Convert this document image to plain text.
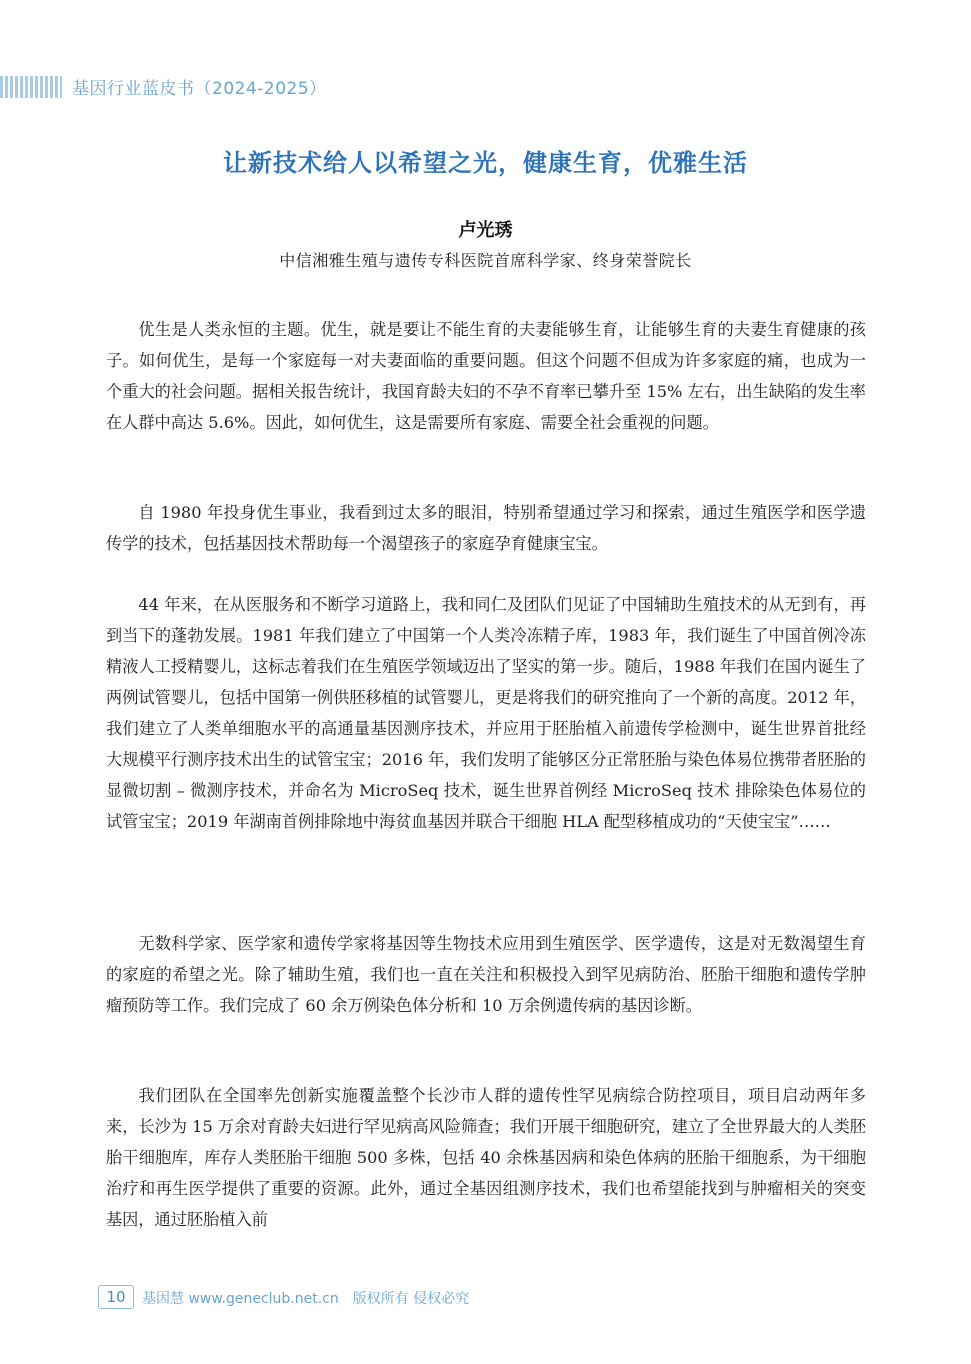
基因行业蓝皮书（2024-2025）
让新技术给人以希望之光，健康生育，优雅生活
卢光琇
中信湘雅生殖与遗传专科医院首席科学家、终身荣誉院长

优生是人类永恒的主题。优生，就是要让不能生育的夫妻能够生育，让能够生育的夫妻生育健康的孩子。如何优生，是每一个家庭每一对夫妻面临的重要问题。但这个问题不但成为许多家庭的痛，也成为一个重大的社会问题。据相关报告统计，我国育龄夫妇的不孕不育率已攀升至 15% 左右，出生缺陷的发生率在人群中高达 5.6%。因此，如何优生，这是需要所有家庭、需要全社会重视的问题。

自 1980 年投身优生事业，我看到过太多的眼泪，特别希望通过学习和探索，通过生殖医学和医学遗传学的技术，包括基因技术帮助每一个渴望孩子的家庭孕育健康宝宝。

44 年来，在从医服务和不断学习道路上，我和同仁及团队们见证了中国辅助生殖技术的从无到有，再到当下的蓬勃发展。1981 年我们建立了中国第一个人类冷冻精子库，1983 年，我们诞生了中国首例冷冻精液人工授精婴儿，这标志着我们在生殖医学领域迈出了坚实的第一步。随后，1988 年我们在国内诞生了两例试管婴儿，包括中国第一例供胚移植的试管婴儿，更是将我们的研究推向了一个新的高度。2012 年，我们建立了人类单细胞水平的高通量基因测序技术，并应用于胚胎植入前遗传学检测中，诞生世界首批经大规模平行测序技术出生的试管宝宝；2016 年，我们发明了能够区分正常胚胎与染色体易位携带者胚胎的显微切割 – 微测序技术，并命名为 MicroSeq 技术，诞生世界首例经 MicroSeq 技术 排除染色体易位的试管宝宝；2019 年湖南首例排除地中海贫血基因并联合干细胞 HLA 配型移植成功的“天使宝宝”……

无数科学家、医学家和遗传学家将基因等生物技术应用到生殖医学、医学遗传，这是对无数渴望生育的家庭的希望之光。除了辅助生殖，我们也一直在关注和积极投入到罕见病防治、胚胎干细胞和遗传学肿瘤预防等工作。我们完成了 60 余万例染色体分析和 10 万余例遗传病的基因诊断。

我们团队在全国率先创新实施覆盖整个长沙市人群的遗传性罕见病综合防控项目，项目启动两年多来，长沙为 15 万余对育龄夫妇进行罕见病高风险筛查；我们开展干细胞研究，建立了全世界最大的人类胚胎干细胞库，库存人类胚胎干细胞 500 多株，包括 40 余株基因病和染色体病的胚胎干细胞系，为干细胞治疗和再生医学提供了重要的资源。此外，通过全基因组测序技术，我们也希望能找到与肿瘤相关的突变基因，通过胚胎植入前

10	基因慧 www.geneclub.net.cn 版权所有 侵权必究
